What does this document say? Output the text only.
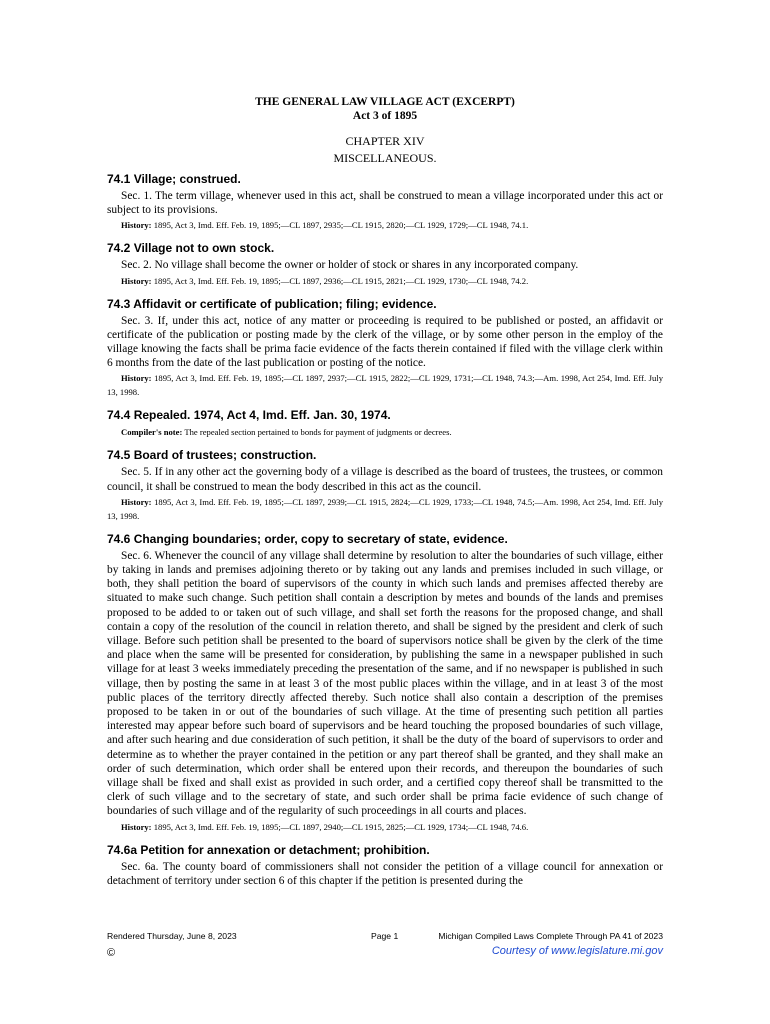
THE GENERAL LAW VILLAGE ACT (EXCERPT)
Act 3 of 1895
CHAPTER XIV
MISCELLANEOUS.
74.1 Village; construed.

Sec. 1. The term village, whenever used in this act, shall be construed to mean a village incorporated under this act or subject to its provisions.

History: 1895, Act 3, Imd. Eff. Feb. 19, 1895;—CL 1897, 2935;—CL 1915, 2820;—CL 1929, 1729;—CL 1948, 74.1.

74.2 Village not to own stock.

Sec. 2. No village shall become the owner or holder of stock or shares in any incorporated company.

History: 1895, Act 3, Imd. Eff. Feb. 19, 1895;—CL 1897, 2936;—CL 1915, 2821;—CL 1929, 1730;—CL 1948, 74.2.

74.3 Affidavit or certificate of publication; filing; evidence.

Sec. 3. If, under this act, notice of any matter or proceeding is required to be published or posted, an affidavit or certificate of the publication or posting made by the clerk of the village, or by some other person in the employ of the village knowing the facts shall be prima facie evidence of the facts therein contained if filed with the village clerk within 6 months from the date of the last publication or posting of the notice.

History: 1895, Act 3, Imd. Eff. Feb. 19, 1895;—CL 1897, 2937;—CL 1915, 2822;—CL 1929, 1731;—CL 1948, 74.3;—Am. 1998, Act 254, Imd. Eff. July 13, 1998.

74.4 Repealed. 1974, Act 4, Imd. Eff. Jan. 30, 1974.

Compiler's note: The repealed section pertained to bonds for payment of judgments or decrees.

74.5 Board of trustees; construction.

Sec. 5. If in any other act the governing body of a village is described as the board of trustees, the trustees, or common council, it shall be construed to mean the body described in this act as the council.

History: 1895, Act 3, Imd. Eff. Feb. 19, 1895;—CL 1897, 2939;—CL 1915, 2824;—CL 1929, 1733;—CL 1948, 74.5;—Am. 1998, Act 254, Imd. Eff. July 13, 1998.

74.6 Changing boundaries; order, copy to secretary of state, evidence.

Sec. 6. Whenever the council of any village shall determine by resolution to alter the boundaries of such village, either by taking in lands and premises adjoining thereto or by taking out any lands and premises included in such village, or both, they shall petition the board of supervisors of the county in which such lands and premises affected thereby are situated to make such change. Such petition shall contain a description by metes and bounds of the lands and premises proposed to be added to or taken out of such village, and shall set forth the reasons for the proposed change, and shall contain a copy of the resolution of the council in relation thereto, and shall be signed by the president and clerk of such village. Before such petition shall be presented to the board of supervisors notice shall be given by the clerk of the time and place when the same will be presented for consideration, by publishing the same in a newspaper published in such village for at least 3 weeks immediately preceding the presentation of the same, and if no newspaper is published in such village, then by posting the same in at least 3 of the most public places within the village, and in at least 3 of the most public places of the territory directly affected thereby. Such notice shall also contain a description of the premises proposed to be taken in or out of the boundaries of such village. At the time of presenting such petition all parties interested may appear before such board of supervisors and be heard touching the proposed boundaries of such village, and after such hearing and due consideration of such petition, it shall be the duty of the board of supervisors to order and determine as to whether the prayer contained in the petition or any part thereof shall be granted, and they shall make an order of such determination, which order shall be entered upon their records, and thereupon the boundaries of such village shall be fixed and shall exist as provided in such order, and a certified copy thereof shall be transmitted to the clerk of such village and to the secretary of state, and such order shall be prima facie evidence of such change of boundaries of such village and of the regularity of such proceedings in all courts and places.

History: 1895, Act 3, Imd. Eff. Feb. 19, 1895;—CL 1897, 2940;—CL 1915, 2825;—CL 1929, 1734;—CL 1948, 74.6.

74.6a Petition for annexation or detachment; prohibition.

Sec. 6a. The county board of commissioners shall not consider the petition of a village council for annexation or detachment of territory under section 6 of this chapter if the petition is presented during the

Rendered Thursday, June 8, 2023	Page 1	Michigan Compiled Laws Complete Through PA 41 of 2023
©	Courtesy of www.legislature.mi.gov
